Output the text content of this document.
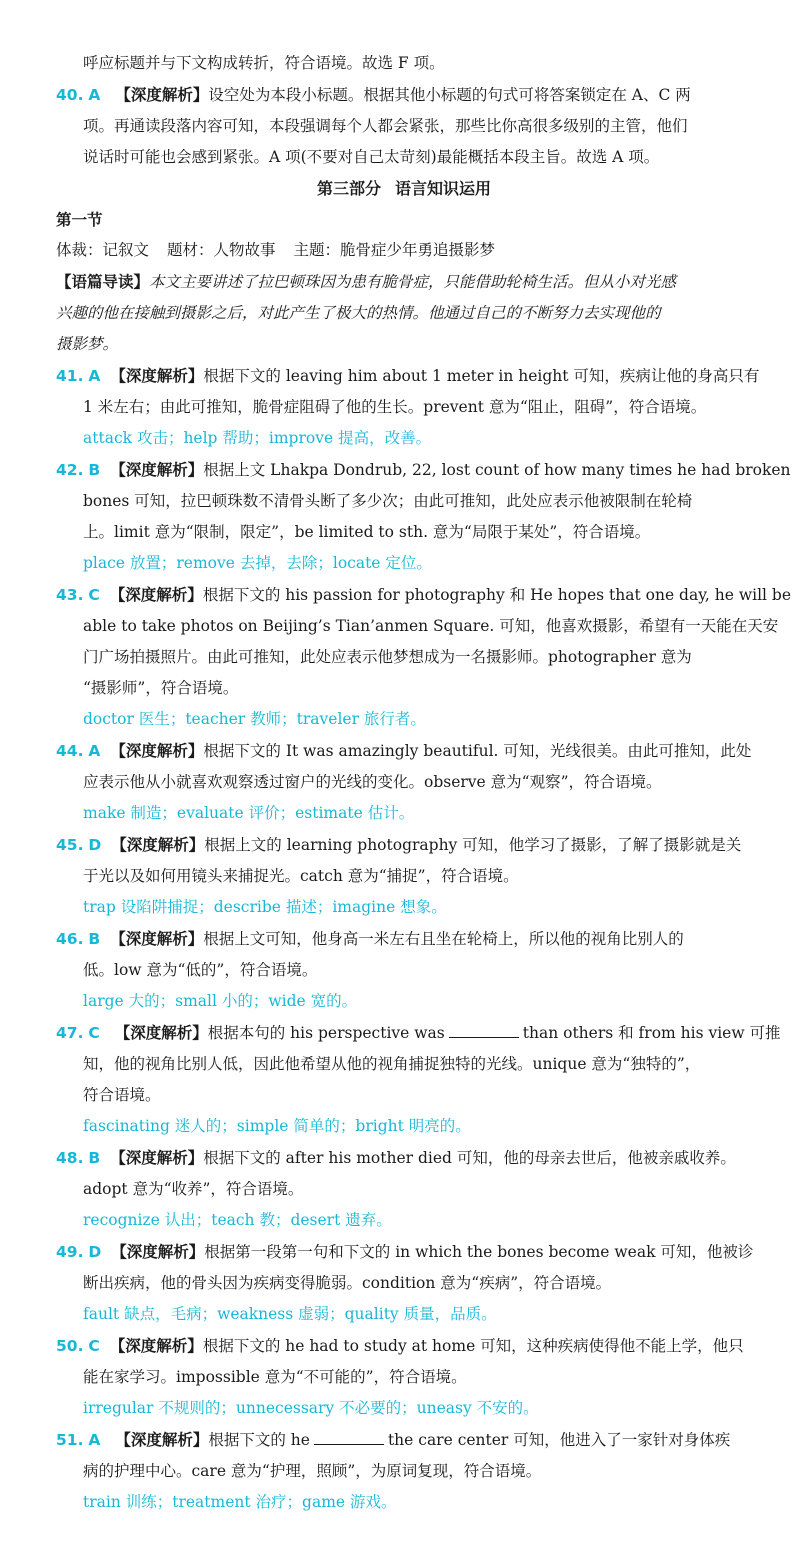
呼应标题并与下文构成转折，符合语境。故选 F 项。
40. A 【深度解析】设空处为本段小标题。根据其他小标题的句式可将答案锁定在 A、C 两
项。再通读段落内容可知，本段强调每个人都会紧张，那些比你高很多级别的主管，他们
说话时可能也会感到紧张。A 项(不要对自己太苛刻)最能概括本段主旨。故选 A 项。
第三部分 语言知识运用
第一节
体裁：记叙文 题材：人物故事 主题：脆骨症少年勇追摄影梦
【语篇导读】本文主要讲述了拉巴顿珠因为患有脆骨症，只能借助轮椅生活。但从小对光感
兴趣的他在接触到摄影之后，对此产生了极大的热情。他通过自己的不断努力去实现他的
摄影梦。
41. A 【深度解析】根据下文的 leaving him about 1 meter in height 可知，疾病让他的身高只有
1 米左右；由此可推知，脆骨症阻碍了他的生长。prevent 意为“阻止，阻碍”，符合语境。
attack 攻击；help 帮助；improve 提高，改善。
42. B 【深度解析】根据上文 Lhakpa Dondrub, 22, lost count of how many times he had broken
bones 可知，拉巴顿珠数不清骨头断了多少次；由此可推知，此处应表示他被限制在轮椅
上。limit 意为“限制，限定”，be limited to sth. 意为“局限于某处”，符合语境。
place 放置；remove 去掉，去除；locate 定位。
43. C 【深度解析】根据下文的 his passion for photography 和 He hopes that one day, he will be
able to take photos on Beijing’s Tian’anmen Square. 可知，他喜欢摄影，希望有一天能在天安
门广场拍摄照片。由此可推知，此处应表示他梦想成为一名摄影师。photographer 意为
“摄影师”，符合语境。
doctor 医生；teacher 教师；traveler 旅行者。
44. A 【深度解析】根据下文的 It was amazingly beautiful. 可知，光线很美。由此可推知，此处
应表示他从小就喜欢观察透过窗户的光线的变化。observe 意为“观察”，符合语境。
make 制造；evaluate 评价；estimate 估计。
45. D 【深度解析】根据上文的 learning photography 可知，他学习了摄影，了解了摄影就是关
于光以及如何用镜头来捕捉光。catch 意为“捕捉”，符合语境。
trap 设陷阱捕捉；describe 描述；imagine 想象。
46. B 【深度解析】根据上文可知，他身高一米左右且坐在轮椅上，所以他的视角比别人的
低。low 意为“低的”，符合语境。
large 大的；small 小的；wide 宽的。
47. C 【深度解析】根据本句的 his perspective was	than others 和 from his view 可推
知，他的视角比别人低，因此他希望从他的视角捕捉独特的光线。unique 意为“独特的”，
符合语境。
fascinating 迷人的；simple 简单的；bright 明亮的。
48. B 【深度解析】根据下文的 after his mother died 可知，他的母亲去世后，他被亲戚收养。
adopt 意为“收养”，符合语境。
recognize 认出；teach 教；desert 遗弃。
49. D 【深度解析】根据第一段第一句和下文的 in which the bones become weak 可知，他被诊
断出疾病，他的骨头因为疾病变得脆弱。condition 意为“疾病”，符合语境。
fault 缺点，毛病；weakness 虚弱；quality 质量，品质。
50. C 【深度解析】根据下文的 he had to study at home 可知，这种疾病使得他不能上学，他只
能在家学习。impossible 意为“不可能的”，符合语境。
irregular 不规则的；unnecessary 不必要的；uneasy 不安的。
51. A 【深度解析】根据下文的 he	the care center 可知，他进入了一家针对身体疾
病的护理中心。care 意为“护理，照顾”，为原词复现，符合语境。
train 训练；treatment 治疗；game 游戏。
